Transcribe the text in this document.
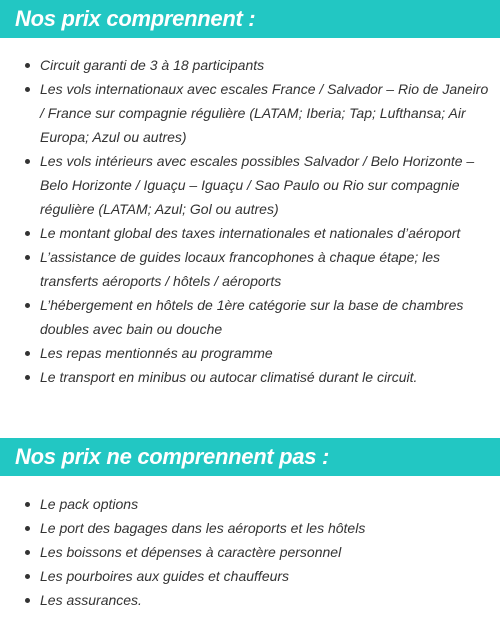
Nos prix comprennent :
Circuit garanti de 3 à 18 participants
Les vols internationaux avec escales France / Salvador – Rio de Janeiro / France sur compagnie régulière (LATAM; Iberia; Tap; Lufthansa; Air Europa; Azul ou autres)
Les vols intérieurs avec escales possibles Salvador / Belo Horizonte – Belo Horizonte / Iguaçu – Iguaçu / Sao Paulo ou Rio sur compagnie régulière (LATAM; Azul; Gol ou autres)
Le montant global des taxes internationales et nationales d’aéroport
L’assistance de guides locaux francophones à chaque étape; les transferts aéroports / hôtels / aéroports
L’hébergement en hôtels de 1ère catégorie sur la base de chambres doubles avec bain ou douche
Les repas mentionnés au programme
Le transport en minibus ou autocar climatisé durant le circuit.
Nos prix ne comprennent pas :
Le pack options
Le port des bagages dans les aéroports et les hôtels
Les boissons et dépenses à caractère personnel
Les pourboires aux guides et chauffeurs
Les assurances.
